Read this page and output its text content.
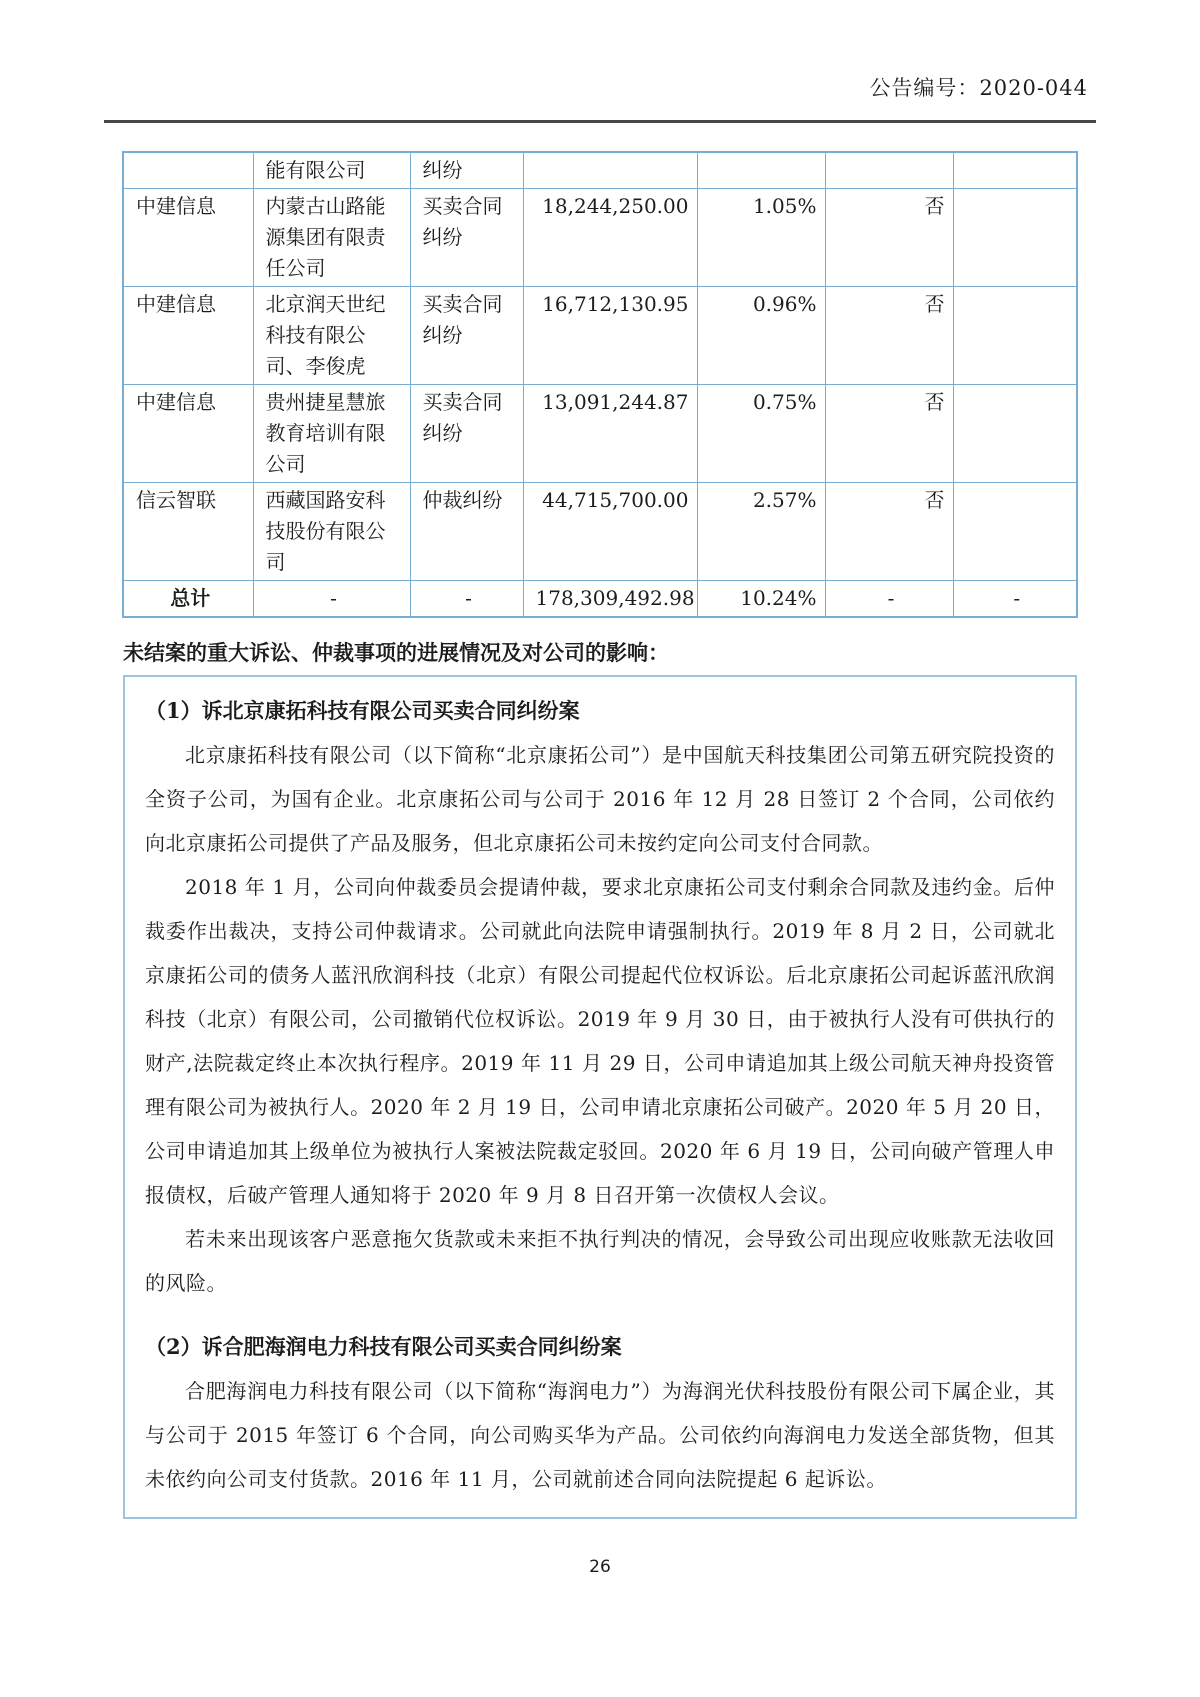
公告编号：2020-044
	能有限公司	纠纷				
中建信息	内蒙古山路能源集团有限责任公司	买卖合同纠纷	18,244,250.00	1.05%	否	
中建信息	北京润天世纪科技有限公司、李俊虎	买卖合同纠纷	16,712,130.95	0.96%	否	
中建信息	贵州捷星慧旅教育培训有限公司	买卖合同纠纷	13,091,244.87	0.75%	否	
信云智联	西藏国路安科技股份有限公司	仲裁纠纷	44,715,700.00	2.57%	否	
总计	-	-	178,309,492.98	10.24%	-	-
未结案的重大诉讼、仲裁事项的进展情况及对公司的影响：
（1）诉北京康拓科技有限公司买卖合同纠纷案

北京康拓科技有限公司（以下简称“北京康拓公司”）是中国航天科技集团公司第五研究院投资的全资子公司，为国有企业。北京康拓公司与公司于 2016 年 12 月 28 日签订 2 个合同，公司依约向北京康拓公司提供了产品及服务，但北京康拓公司未按约定向公司支付合同款。

2018 年 1 月，公司向仲裁委员会提请仲裁，要求北京康拓公司支付剩余合同款及违约金。后仲裁委作出裁决，支持公司仲裁请求。公司就此向法院申请强制执行。2019 年 8 月 2 日，公司就北京康拓公司的债务人蓝汛欣润科技（北京）有限公司提起代位权诉讼。后北京康拓公司起诉蓝汛欣润科技（北京）有限公司，公司撤销代位权诉讼。2019 年 9 月 30 日，由于被执行人没有可供执行的财产,法院裁定终止本次执行程序。2019 年 11 月 29 日，公司申请追加其上级公司航天神舟投资管理有限公司为被执行人。2020 年 2 月 19 日，公司申请北京康拓公司破产。2020 年 5 月 20 日，公司申请追加其上级单位为被执行人案被法院裁定驳回。2020 年 6 月 19 日，公司向破产管理人申报债权，后破产管理人通知将于 2020 年 9 月 8 日召开第一次债权人会议。

若未来出现该客户恶意拖欠货款或未来拒不执行判决的情况，会导致公司出现应收账款无法收回的风险。

（2）诉合肥海润电力科技有限公司买卖合同纠纷案

合肥海润电力科技有限公司（以下简称“海润电力”）为海润光伏科技股份有限公司下属企业，其与公司于 2015 年签订 6 个合同，向公司购买华为产品。公司依约向海润电力发送全部货物，但其未依约向公司支付货款。2016 年 11 月，公司就前述合同向法院提起 6 起诉讼。

26
